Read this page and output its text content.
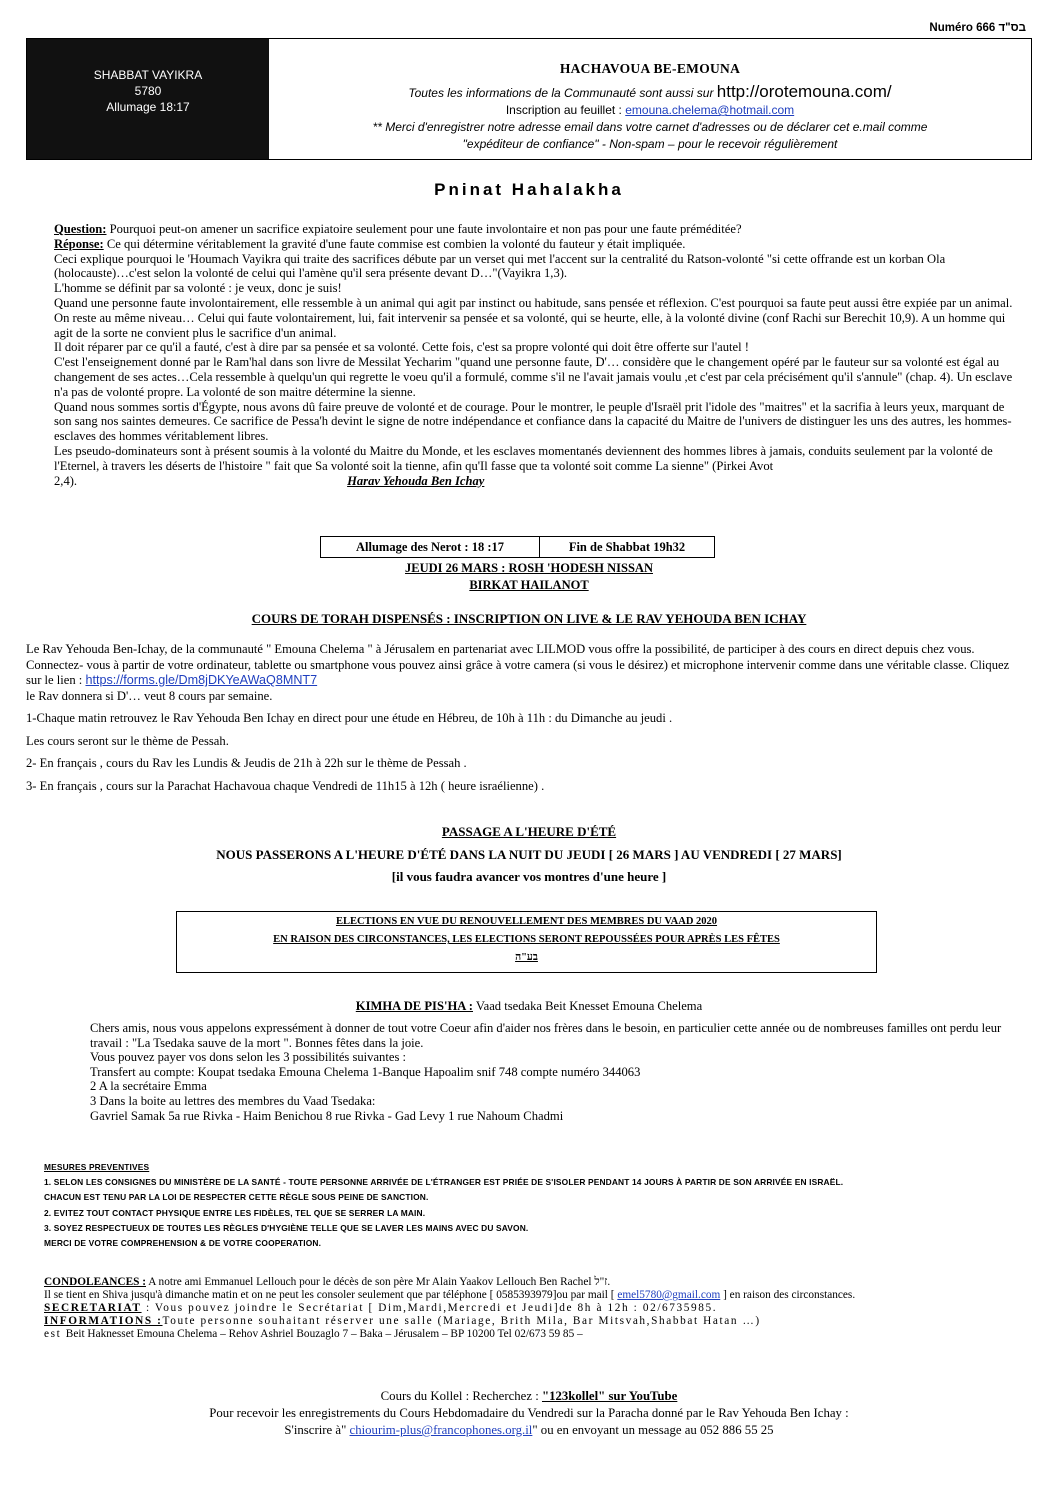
Numéro 666 בס"ד
SHABBAT VAYIKRA
5780
Allumage 18:17
HACHAVOUA BE-EMOUNA
Toutes les informations de la Communauté sont aussi sur http://orotemouna.com/
Inscription au feuillet : emouna.chelema@hotmail.com
** Merci d'enregistrer notre adresse email dans votre carnet d'adresses ou de déclarer cet e.mail comme
"expéditeur de confiance" - Non-spam – pour le recevoir régulièrement
Pninat Hahalakha

Question: Pourquoi peut-on amener un sacrifice expiatoire seulement pour une faute involontaire et non pas pour une faute préméditée?

Réponse: Ce qui détermine véritablement la gravité d'une faute commise est combien la volonté du fauteur y était impliquée.

Ceci explique pourquoi le 'Houmach Vayikra qui traite des sacrifices débute par un verset qui met l'accent sur la centralité du Ratson-volonté "si cette offrande est un korban Ola (holocauste)…c'est selon la volonté de celui qui l'amène qu'il sera présente devant D…"(Vayikra 1,3).

L'homme se définit par sa volonté : je veux, donc je suis!

Quand une personne faute involontairement, elle ressemble à un animal qui agit par instinct ou habitude, sans pensée et réflexion. C'est pourquoi sa faute peut aussi être expiée par un animal. On reste au même niveau… Celui qui faute volontairement, lui, fait intervenir sa pensée et sa volonté, qui se heurte, elle, à la volonté divine (conf Rachi sur Berechit 10,9). A un homme qui agit de la sorte ne convient plus le sacrifice d'un animal.

Il doit réparer par ce qu'il a fauté, c'est à dire par sa pensée et sa volonté. Cette fois, c'est sa propre volonté qui doit être offerte sur l'autel !

C'est l'enseignement donné par le Ram'hal dans son livre de Messilat Yecharim "quand une personne faute, D'… considère que le changement opéré par le fauteur sur sa volonté est égal au changement de ses actes…Cela ressemble à quelqu'un qui regrette le voeu qu'il a formulé, comme s'il ne l'avait jamais voulu ,et c'est par cela précisément qu'il s'annule" (chap. 4). Un esclave n'a pas de volonté propre. La volonté de son maitre détermine la sienne.

Quand nous sommes sortis d'Égypte, nous avons dû faire preuve de volonté et de courage. Pour le montrer, le peuple d'Israël prit l'idole des "maitres" et la sacrifia à leurs yeux, marquant de son sang nos saintes demeures. Ce sacrifice de Pessa'h devint le signe de notre indépendance et confiance dans la capacité du Maitre de l'univers de distinguer les uns des autres, les hommes-esclaves des hommes véritablement libres.

Les pseudo-dominateurs sont à présent soumis à la volonté du Maitre du Monde, et les esclaves momentanés deviennent des hommes libres à jamais, conduits seulement par la volonté de l'Eternel, à travers les déserts de l'histoire " fait que Sa volonté soit la tienne, afin qu'Il fasse que ta volonté soit comme La sienne" (Pirkei Avot 2,4).	Harav Yehouda Ben Ichay

Allumage des Nerot : 18 :17	Fin de Shabbat 19h32
JEUDI 26 MARS : ROSH 'HODESH NISSAN
BIRKAT HAILANOT
COURS DE TORAH DISPENSÉS : INSCRIPTION ON LIVE & LE RAV YEHOUDA BEN ICHAY

Le Rav Yehouda Ben-Ichay, de la communauté " Emouna Chelema " à Jérusalem en partenariat avec LILMOD vous offre la possibilité, de participer à des cours en direct depuis chez vous. Connectez- vous à partir de votre ordinateur, tablette ou smartphone vous pouvez ainsi grâce à votre camera (si vous le désirez) et microphone intervenir comme dans une véritable classe. Cliquez sur le lien : https://forms.gle/Dm8jDKYeAWaQ8MNT7

le Rav donnera si D'… veut 8 cours par semaine.

1-Chaque matin retrouvez le Rav Yehouda Ben Ichay en direct pour une étude en Hébreu, de 10h à 11h : du Dimanche au jeudi .

Les cours seront sur le thème de Pessah.

2- En français , cours du Rav les Lundis & Jeudis de 21h à 22h sur le thème de Pessah .

3- En français , cours sur la Parachat Hachavoua chaque Vendredi de 11h15 à 12h ( heure israélienne) .

PASSAGE A L'HEURE D'ÉTÉ
NOUS PASSERONS A L'HEURE D'ÉTÉ DANS LA NUIT DU JEUDI [ 26 MARS ] AU VENDREDI [ 27 MARS]
[il vous faudra avancer vos montres d'une heure ]
ELECTIONS EN VUE DU RENOUVELLEMENT DES MEMBRES DU VAAD 2020
EN RAISON DES CIRCONSTANCES, LES ELECTIONS SERONT REPOUSSÉES POUR APRÈS LES FÊTES
בע"ה
KIMHA DE PIS'HA : Vaad tsedaka Beit Knesset Emouna Chelema

Chers amis, nous vous appelons expressément à donner de tout votre Coeur afin d'aider nos frères dans le besoin, en particulier cette année ou de nombreuses familles ont perdu leur travail : "La Tsedaka sauve de la mort ". Bonnes fêtes dans la joie.

Vous pouvez payer vos dons selon les 3 possibilités suivantes :

Transfert au compte: Koupat tsedaka Emouna Chelema 1-Banque Hapoalim snif 748 compte numéro 344063

2 A la secrétaire Emma

3 Dans la boite au lettres des membres du Vaad Tsedaka:

Gavriel Samak 5a rue Rivka - Haim Benichou 8 rue Rivka - Gad Levy 1 rue Nahoum Chadmi

MESURES PREVENTIVES

1. SELON LES CONSIGNES DU MINISTÈRE DE LA SANTÉ - TOUTE PERSONNE ARRIVÉE DE L'ÉTRANGER EST PRIÉE DE S'ISOLER PENDANT 14 JOURS À PARTIR DE SON ARRIVÉE EN ISRAËL.

CHACUN EST TENU PAR LA LOI DE RESPECTER CETTE RÈGLE SOUS PEINE DE SANCTION.

2. EVITEZ TOUT CONTACT PHYSIQUE ENTRE LES FIDÈLES, TEL QUE SE SERRER LA MAIN.

3. SOYEZ RESPECTUEUX DE TOUTES LES RÈGLES D'HYGIÈNE TELLE QUE SE LAVER LES MAINS AVEC DU SAVON.

MERCI DE VOTRE COMPREHENSION & DE VOTRE COOPERATION.

CONDOLEANCES : A notre ami Emmanuel Lellouch pour le décès de son père Mr Alain Yaakov Lellouch Ben Rachel ז"ל.

Il se tient en Shiva jusqu'à dimanche matin et on ne peut les consoler seulement que par téléphone [ 0585393979]ou par mail [ emel5780@gmail.com ] en raison des circonstances.

SECRETARIAT : Vous pouvez joindre le Secrétariat [ Dim,Mardi,Mercredi et Jeudi]de 8h à 12h : 02/6735985.

INFORMATIONS :Toute personne souhaitant réserver une salle (Mariage, Brith Mila, Bar Mitsvah,Shabbat Hatan …)

est Beit Haknesset Emouna Chelema – Rehov Ashriel Bouzaglo 7 – Baka – Jérusalem – BP 10200 Tel 02/673 59 85 –

Cours du Kollel : Recherchez : "123kollel" sur YouTube

Pour recevoir les enregistrements du Cours Hebdomadaire du Vendredi sur la Paracha donné par le Rav Yehouda Ben Ichay :

S'inscrire à" chiourim-plus@francophones.org.il" ou en envoyant un message au 052 886 55 25
